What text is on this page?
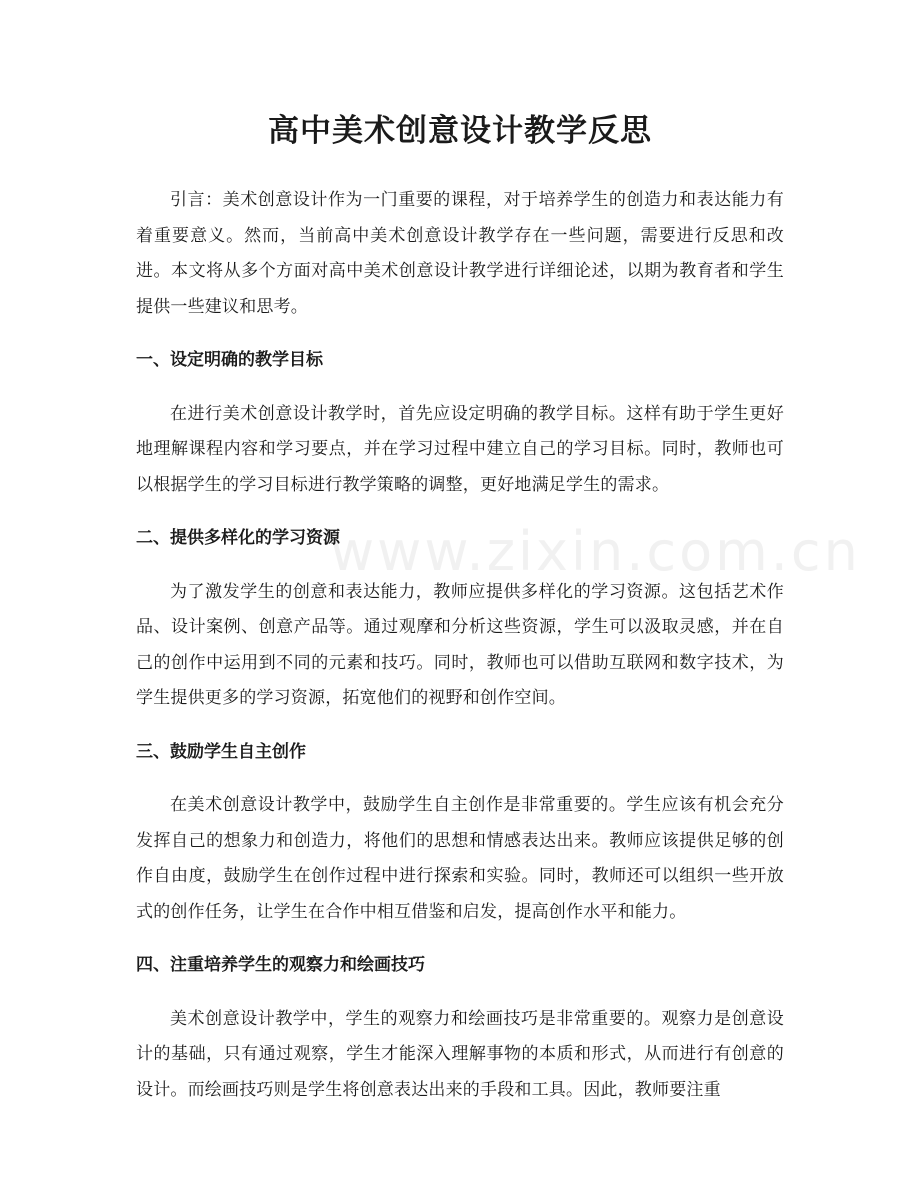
www.zixin.com.cn
高中美术创意设计教学反思

引言：美术创意设计作为一门重要的课程，对于培养学生的创造力和表达能力有着重要意义。然而，当前高中美术创意设计教学存在一些问题，需要进行反思和改进。本文将从多个方面对高中美术创意设计教学进行详细论述，以期为教育者和学生提供一些建议和思考。

一、设定明确的教学目标

在进行美术创意设计教学时，首先应设定明确的教学目标。这样有助于学生更好地理解课程内容和学习要点，并在学习过程中建立自己的学习目标。同时，教师也可以根据学生的学习目标进行教学策略的调整，更好地满足学生的需求。

二、提供多样化的学习资源

为了激发学生的创意和表达能力，教师应提供多样化的学习资源。这包括艺术作品、设计案例、创意产品等。通过观摩和分析这些资源，学生可以汲取灵感，并在自己的创作中运用到不同的元素和技巧。同时，教师也可以借助互联网和数字技术，为学生提供更多的学习资源，拓宽他们的视野和创作空间。

三、鼓励学生自主创作

在美术创意设计教学中，鼓励学生自主创作是非常重要的。学生应该有机会充分发挥自己的想象力和创造力，将他们的思想和情感表达出来。教师应该提供足够的创作自由度，鼓励学生在创作过程中进行探索和实验。同时，教师还可以组织一些开放式的创作任务，让学生在合作中相互借鉴和启发，提高创作水平和能力。

四、注重培养学生的观察力和绘画技巧

美术创意设计教学中，学生的观察力和绘画技巧是非常重要的。观察力是创意设计的基础，只有通过观察，学生才能深入理解事物的本质和形式，从而进行有创意的设计。而绘画技巧则是学生将创意表达出来的手段和工具。因此，教师要注重
